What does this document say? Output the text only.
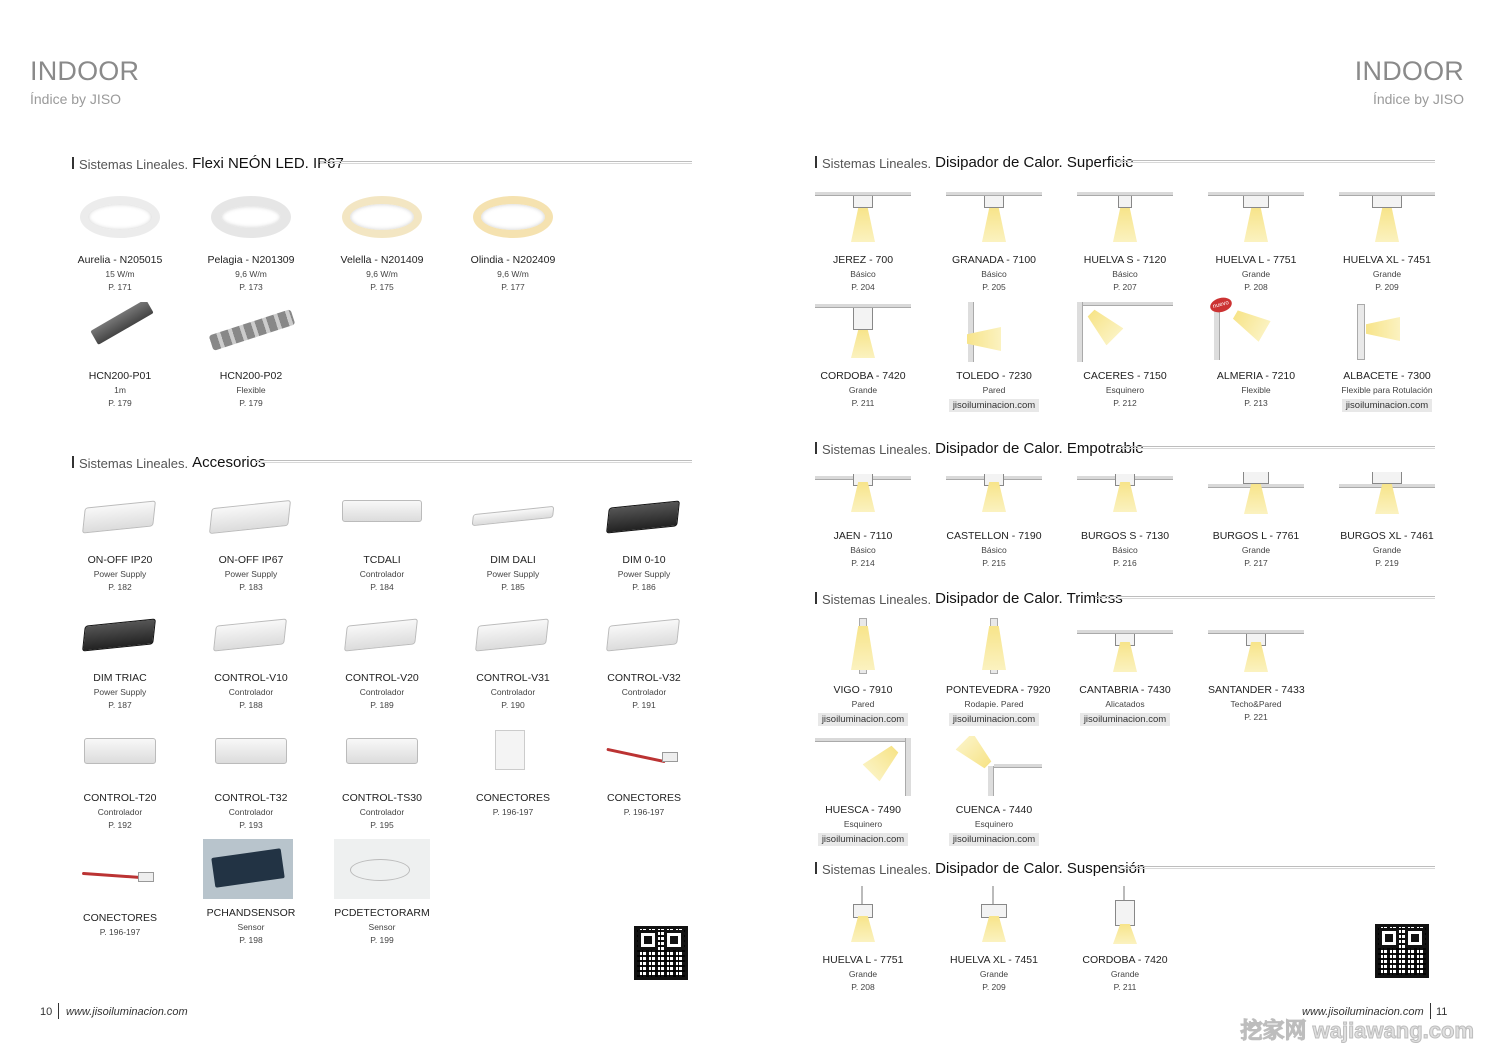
INDOOR
Índice by JISO
INDOOR
Índice by JISO
Sistemas Lineales. Flexi NEÓN LED. IP67
Aurelia - N205015
15 W/m
P. 171
Pelagia - N201309
9,6 W/m
P. 173
Velella - N201409
9,6 W/m
P. 175
Olindia - N202409
9,6 W/m
P. 177
HCN200-P01
1m
P. 179
HCN200-P02
Flexible
P. 179
Sistemas Lineales. Accesorios
ON-OFF IP20
Power Supply
P. 182
ON-OFF IP67
Power Supply
P. 183
TCDALI
Controlador
P. 184
DIM DALI
Power Supply
P. 185
DIM 0-10
Power Supply
P. 186
DIM TRIAC
Power Supply
P. 187
CONTROL-V10
Controlador
P. 188
CONTROL-V20
Controlador
P. 189
CONTROL-V31
Controlador
P. 190
CONTROL-V32
Controlador
P. 191
CONTROL-T20
Controlador
P. 192
CONTROL-T32
Controlador
P. 193
CONTROL-TS30
Controlador
P. 195
CONECTORES
P. 196-197
CONECTORES
P. 196-197
CONECTORES
P. 196-197
PCHANDSENSOR
Sensor
P. 198
PCDETECTORARM
Sensor
P. 199
Sistemas Lineales. Disipador de Calor. Superficie
JEREZ - 700
Básico
P. 204
GRANADA - 7100
Básico
P. 205
HUELVA S - 7120
Básico
P. 207
HUELVA L - 7751
Grande
P. 208
HUELVA XL - 7451
Grande
P. 209
CORDOBA - 7420
Grande
P. 211
TOLEDO - 7230
Pared
jisoiluminacion.com
CACERES - 7150
Esquinero
P. 212
nuevo
ALMERIA - 7210
Flexible
P. 213
ALBACETE - 7300
Flexible para Rotulación
jisoiluminacion.com
Sistemas Lineales. Disipador de Calor. Empotrable
JAEN - 7110
Básico
P. 214
CASTELLON - 7190
Básico
P. 215
BURGOS S - 7130
Básico
P. 216
BURGOS L - 7761
Grande
P. 217
BURGOS XL - 7461
Grande
P. 219
Sistemas Lineales. Disipador de Calor. Trimless
VIGO - 7910
Pared
jisoiluminacion.com
PONTEVEDRA - 7920
Rodapie. Pared
jisoiluminacion.com
CANTABRIA - 7430
Alicatados
jisoiluminacion.com
SANTANDER - 7433
Techo&Pared
P. 221
HUESCA - 7490
Esquinero
jisoiluminacion.com
CUENCA - 7440
Esquinero
jisoiluminacion.com
Sistemas Lineales. Disipador de Calor. Suspensión
HUELVA L - 7751
Grande
P. 208
HUELVA XL - 7451
Grande
P. 209
CORDOBA - 7420
Grande
P. 211
10 www.jisoiluminacion.com	www.jisoiluminacion.com 11
挖家网 wajiawang.com
